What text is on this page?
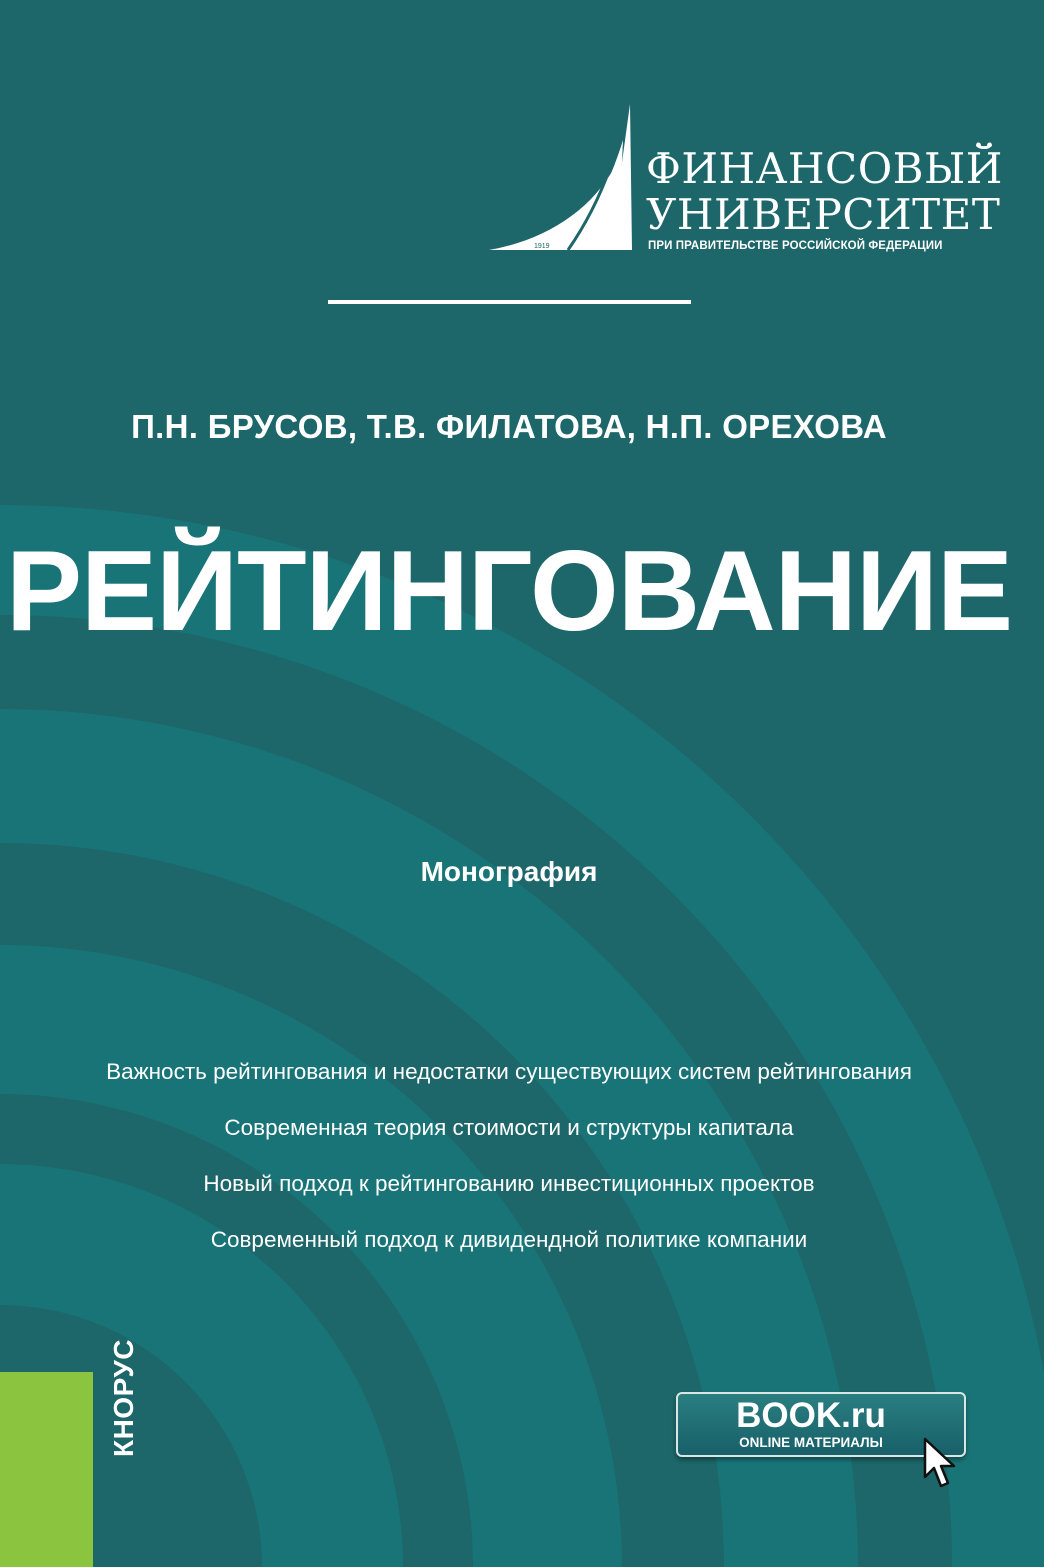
1919
ФИНАНСОВЫЙ
УНИВЕРСИТЕТ
ПРИ ПРАВИТЕЛЬСТВЕ РОССИЙСКОЙ ФЕДЕРАЦИИ
П.Н. БРУСОВ, Т.В. ФИЛАТОВА, Н.П. ОРЕХОВА
РЕЙТИНГОВАНИЕ
Монография
Важность рейтингования и недостатки существующих систем рейтингования
Современная теория стоимости и структуры капитала
Новый подход к рейтингованию инвестиционных проектов
Современный подход к дивидендной политике компании
КНОРУС	BOOK.ru
ONLINE МАТЕРИАЛЫ
